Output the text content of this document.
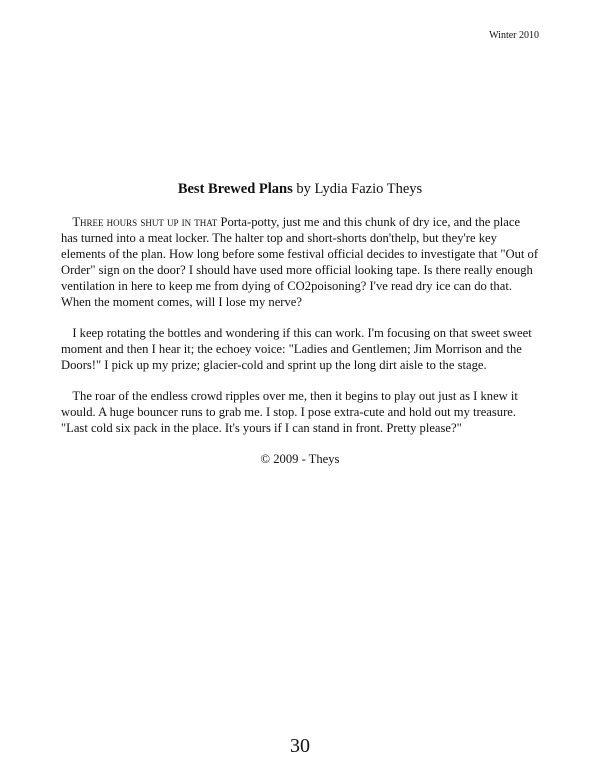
Winter 2010
Best Brewed Plans by Lydia Fazio Theys

Three hours shut up in that Porta-potty, just me and this chunk of dry ice, and the place has turned into a meat locker. The halter top and short-shorts don'thelp, but they're key elements of the plan. How long before some festival official decides to investigate that "Out of Order" sign on the door? I should have used more official looking tape. Is there really enough ventilation in here to keep me from dying of CO2poisoning? I've read dry ice can do that. When the moment comes, will I lose my nerve?

I keep rotating the bottles and wondering if this can work. I'm focusing on that sweet sweet moment and then I hear it; the echoey voice: "Ladies and Gentlemen; Jim Morrison and the Doors!" I pick up my prize; glacier-cold and sprint up the long dirt aisle to the stage.

The roar of the endless crowd ripples over me, then it begins to play out just as I knew it would. A huge bouncer runs to grab me. I stop. I pose extra-cute and hold out my treasure. "Last cold six pack in the place. It's yours if I can stand in front. Pretty please?"

© 2009 - Theys

30
